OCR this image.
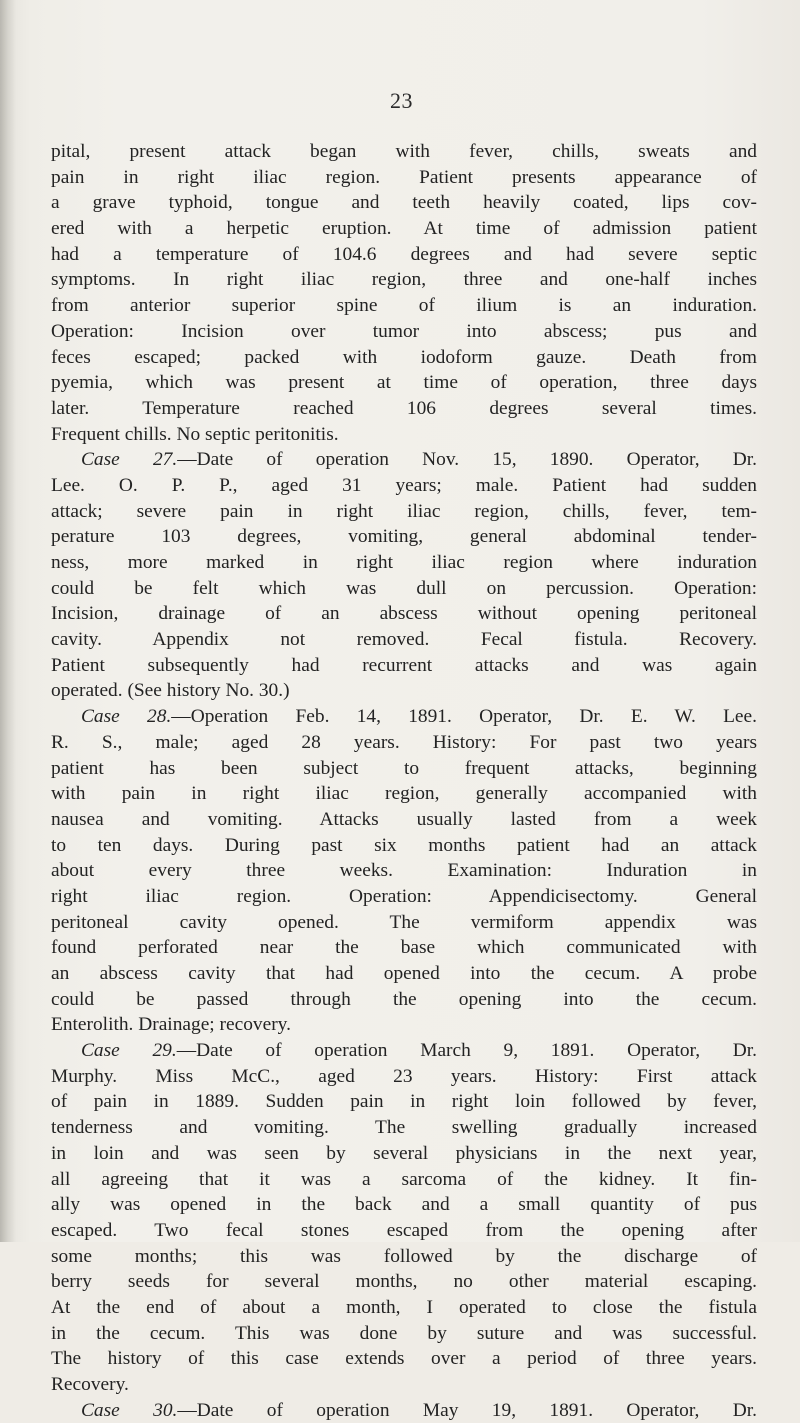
23
pital, present attack began with fever, chills, sweats and
pain in right iliac region. Patient presents appearance of
a grave typhoid, tongue and teeth heavily coated, lips cov-
ered with a herpetic eruption. At time of admission patient
had a temperature of 104.6 degrees and had severe septic
symptoms. In right iliac region, three and one-half inches
from anterior superior spine of ilium is an induration.
Operation: Incision over tumor into abscess; pus and
feces escaped; packed with iodoform gauze. Death from
pyemia, which was present at time of operation, three days
later. Temperature reached 106 degrees several times.
Frequent chills. No septic peritonitis.
Case 27.—Date of operation Nov. 15, 1890. Operator, Dr.
Lee. O. P. P., aged 31 years; male. Patient had sudden
attack; severe pain in right iliac region, chills, fever, tem-
perature 103 degrees, vomiting, general abdominal tender-
ness, more marked in right iliac region where induration
could be felt which was dull on percussion. Operation:
Incision, drainage of an abscess without opening peritoneal
cavity. Appendix not removed. Fecal fistula. Recovery.
Patient subsequently had recurrent attacks and was again
operated. (See history No. 30.)
Case 28.—Operation Feb. 14, 1891. Operator, Dr. E. W. Lee.
R. S., male; aged 28 years. History: For past two years
patient has been subject to frequent attacks, beginning
with pain in right iliac region, generally accompanied with
nausea and vomiting. Attacks usually lasted from a week
to ten days. During past six months patient had an attack
about every three weeks. Examination: Induration in
right iliac region. Operation: Appendicisectomy. General
peritoneal cavity opened. The vermiform appendix was
found perforated near the base which communicated with
an abscess cavity that had opened into the cecum. A probe
could be passed through the opening into the cecum.
Enterolith. Drainage; recovery.
Case 29.—Date of operation March 9, 1891. Operator, Dr.
Murphy. Miss McC., aged 23 years. History: First attack
of pain in 1889. Sudden pain in right loin followed by fever,
tenderness and vomiting. The swelling gradually increased
in loin and was seen by several physicians in the next year,
all agreeing that it was a sarcoma of the kidney. It fin-
ally was opened in the back and a small quantity of pus
escaped. Two fecal stones escaped from the opening after
some months; this was followed by the discharge of
berry seeds for several months, no other material escaping.
At the end of about a month, I operated to close the fistula
in the cecum. This was done by suture and was successful.
The history of this case extends over a period of three years.
Recovery.
Case 30.—Date of operation May 19, 1891. Operator, Dr.
